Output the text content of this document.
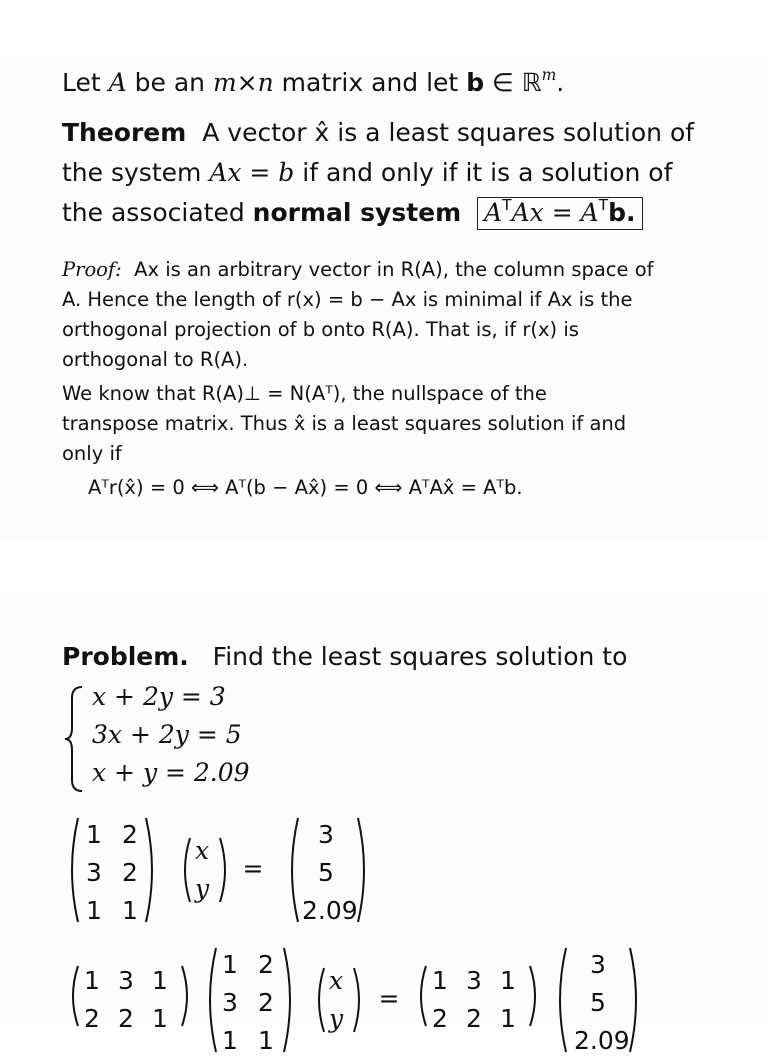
Let A be an m×n matrix and let b ∈ ℝ$^m$.
Theorem A vector x̂ is a least squares solution of
the system Ax = b if and only if it is a solution of
the associated normal system $A^TAx = A^Tb$.
Proof: Ax is an arbitrary vector in R(A), the column space of
A. Hence the length of r(x) = b − Ax is minimal if Ax is the
orthogonal projection of b onto R(A). That is, if r(x) is
orthogonal to R(A).
We know that R(A)⊥ = N(Aᵀ), the nullspace of the
transpose matrix. Thus x̂ is a least squares solution if and
only if
Aᵀr(x̂) = 0 ⟺ Aᵀ(b − Ax̂) = 0 ⟺ AᵀAx̂ = Aᵀb.
Problem. Find the least squares solution to
x + 2y = 3
3x + 2y = 5
x + y = 2.09
1 2
3 2
1 1
x
y
=
3
5
2.09
1 3 1
2 2 1
1 2
3 2
1 1
x
y
=
1 3 1
2 2 1
3
5
2.09
